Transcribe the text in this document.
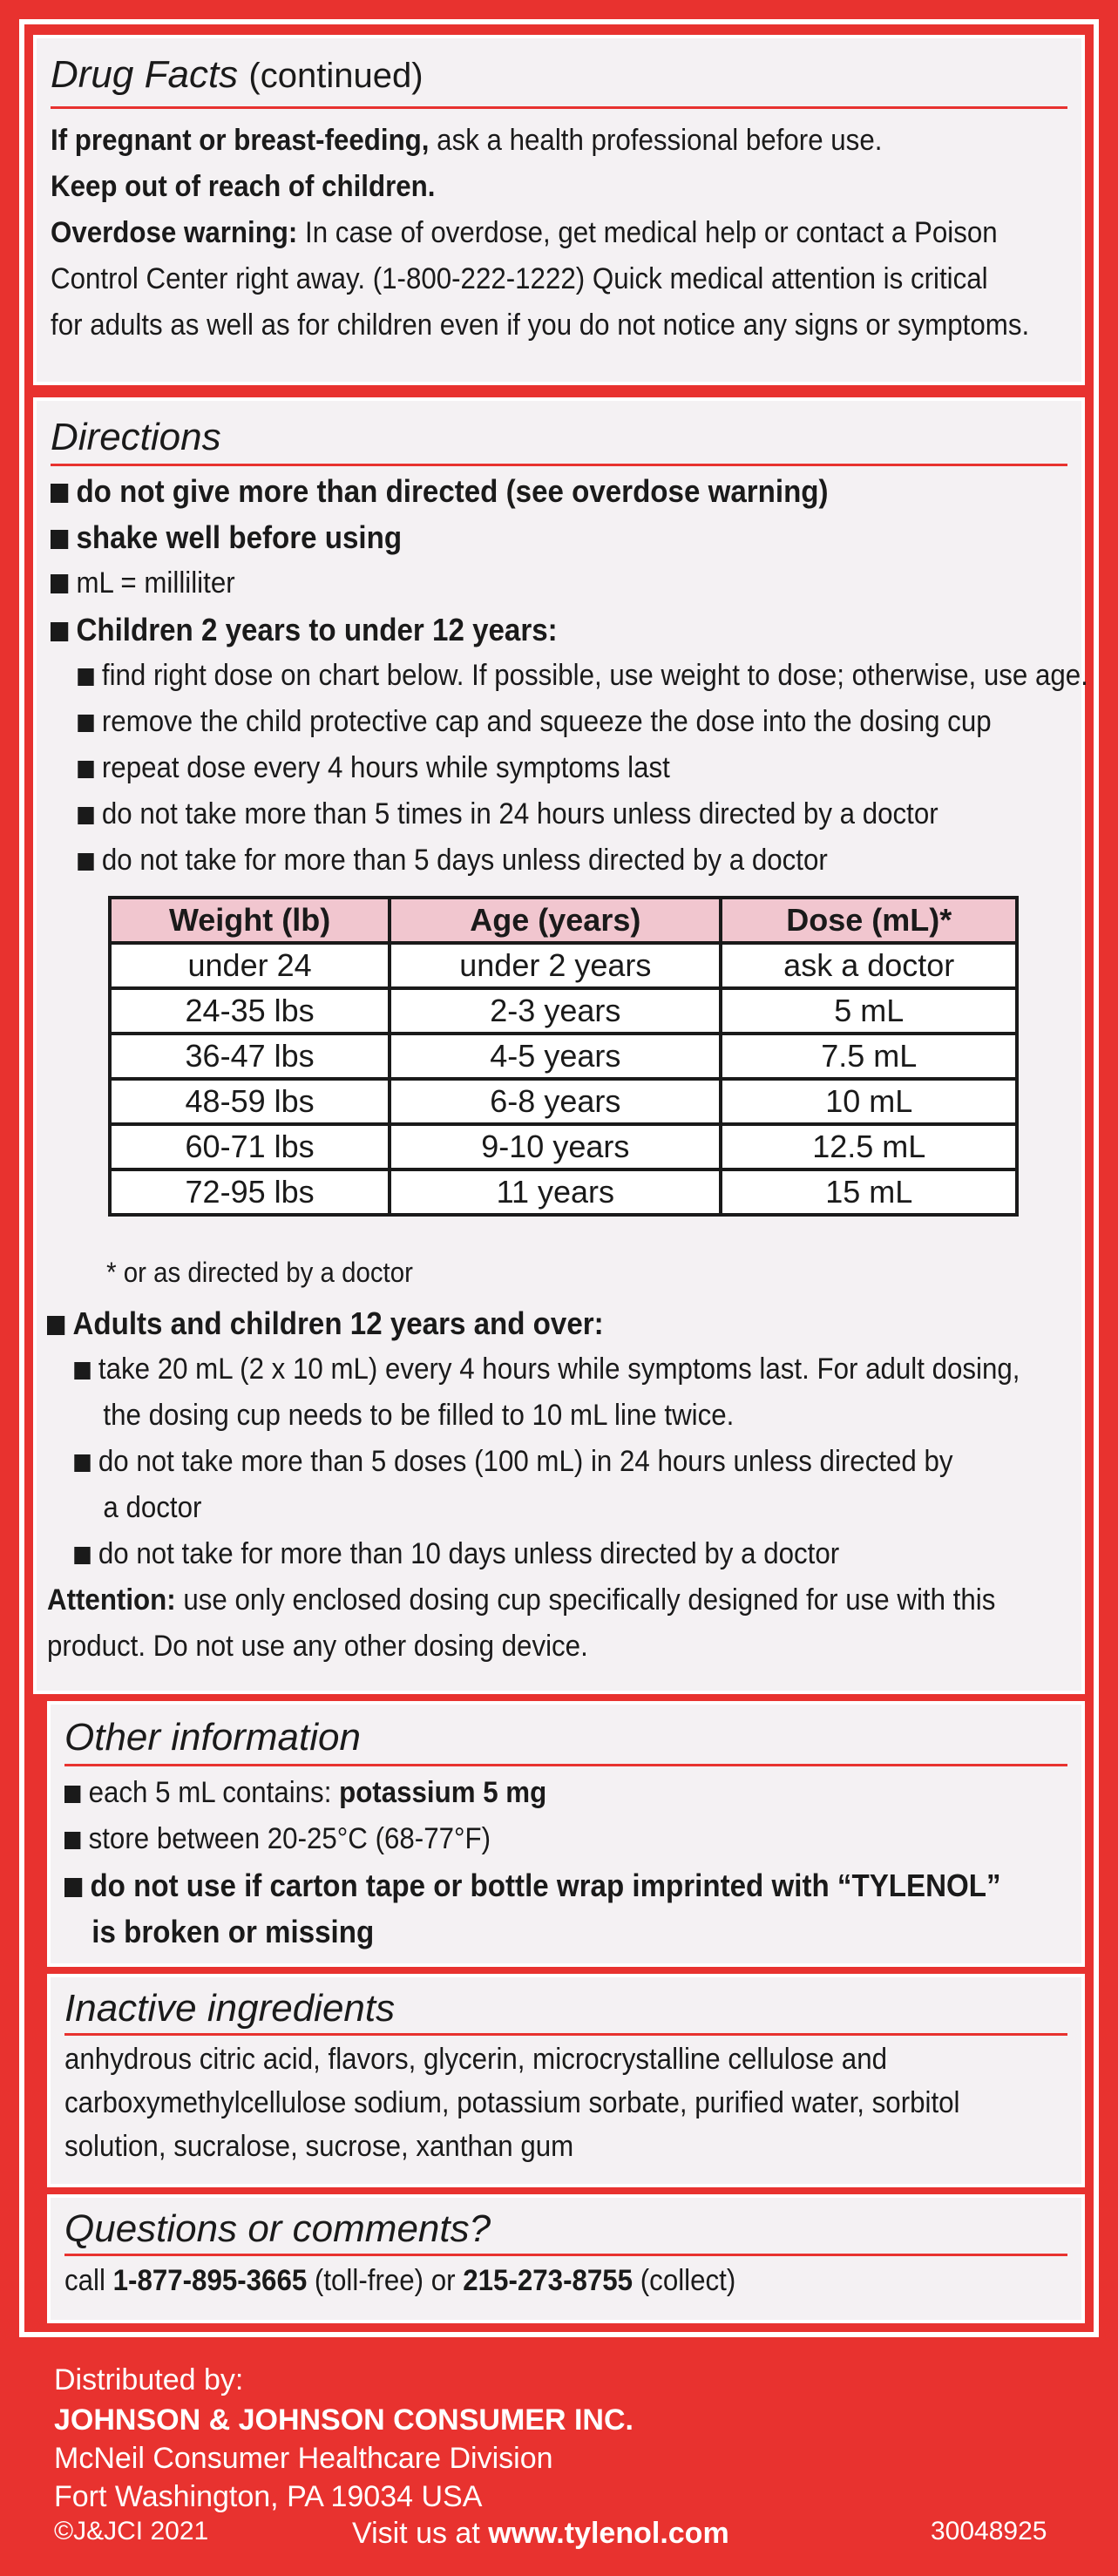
Drug Facts (continued)
If pregnant or breast-feeding, ask a health professional before use.
Keep out of reach of children.
Overdose warning: In case of overdose, get medical help or contact a Poison
Control Center right away. (1-800-222-1222) Quick medical attention is critical
for adults as well as for children even if you do not notice any signs or symptoms.
Directions
do not give more than directed (see overdose warning)
shake well before using
mL = milliliter
Children 2 years to under 12 years:
find right dose on chart below. If possible, use weight to dose; otherwise, use age.
remove the child protective cap and squeeze the dose into the dosing cup
repeat dose every 4 hours while symptoms last
do not take more than 5 times in 24 hours unless directed by a doctor
do not take for more than 5 days unless directed by a doctor
Weight (lb)	Age (years)	Dose (mL)*
under 24	under 2 years	ask a doctor
24-35 lbs	2-3 years	5 mL
36-47 lbs	4-5 years	7.5 mL
48-59 lbs	6-8 years	10 mL
60-71 lbs	9-10 years	12.5 mL
72-95 lbs	11 years	15 mL
* or as directed by a doctor
Adults and children 12 years and over:
take 20 mL (2 x 10 mL) every 4 hours while symptoms last. For adult dosing,
the dosing cup needs to be filled to 10 mL line twice.
do not take more than 5 doses (100 mL) in 24 hours unless directed by
a doctor
do not take for more than 10 days unless directed by a doctor
Attention: use only enclosed dosing cup specifically designed for use with this
product. Do not use any other dosing device.
Other information
each 5 mL contains: potassium 5 mg
store between 20-25°C (68-77°F)
do not use if carton tape or bottle wrap imprinted with “TYLENOL”
is broken or missing
Inactive ingredients
anhydrous citric acid, flavors, glycerin, microcrystalline cellulose and
carboxymethylcellulose sodium, potassium sorbate, purified water, sorbitol
solution, sucralose, sucrose, xanthan gum
Questions or comments?
call 1-877-895-3665 (toll-free) or 215-273-8755 (collect)
Distributed by:
JOHNSON & JOHNSON CONSUMER INC.
McNeil Consumer Healthcare Division
Fort Washington, PA 19034 USA
©J&JCI 2021	Visit us at www.tylenol.com	30048925
